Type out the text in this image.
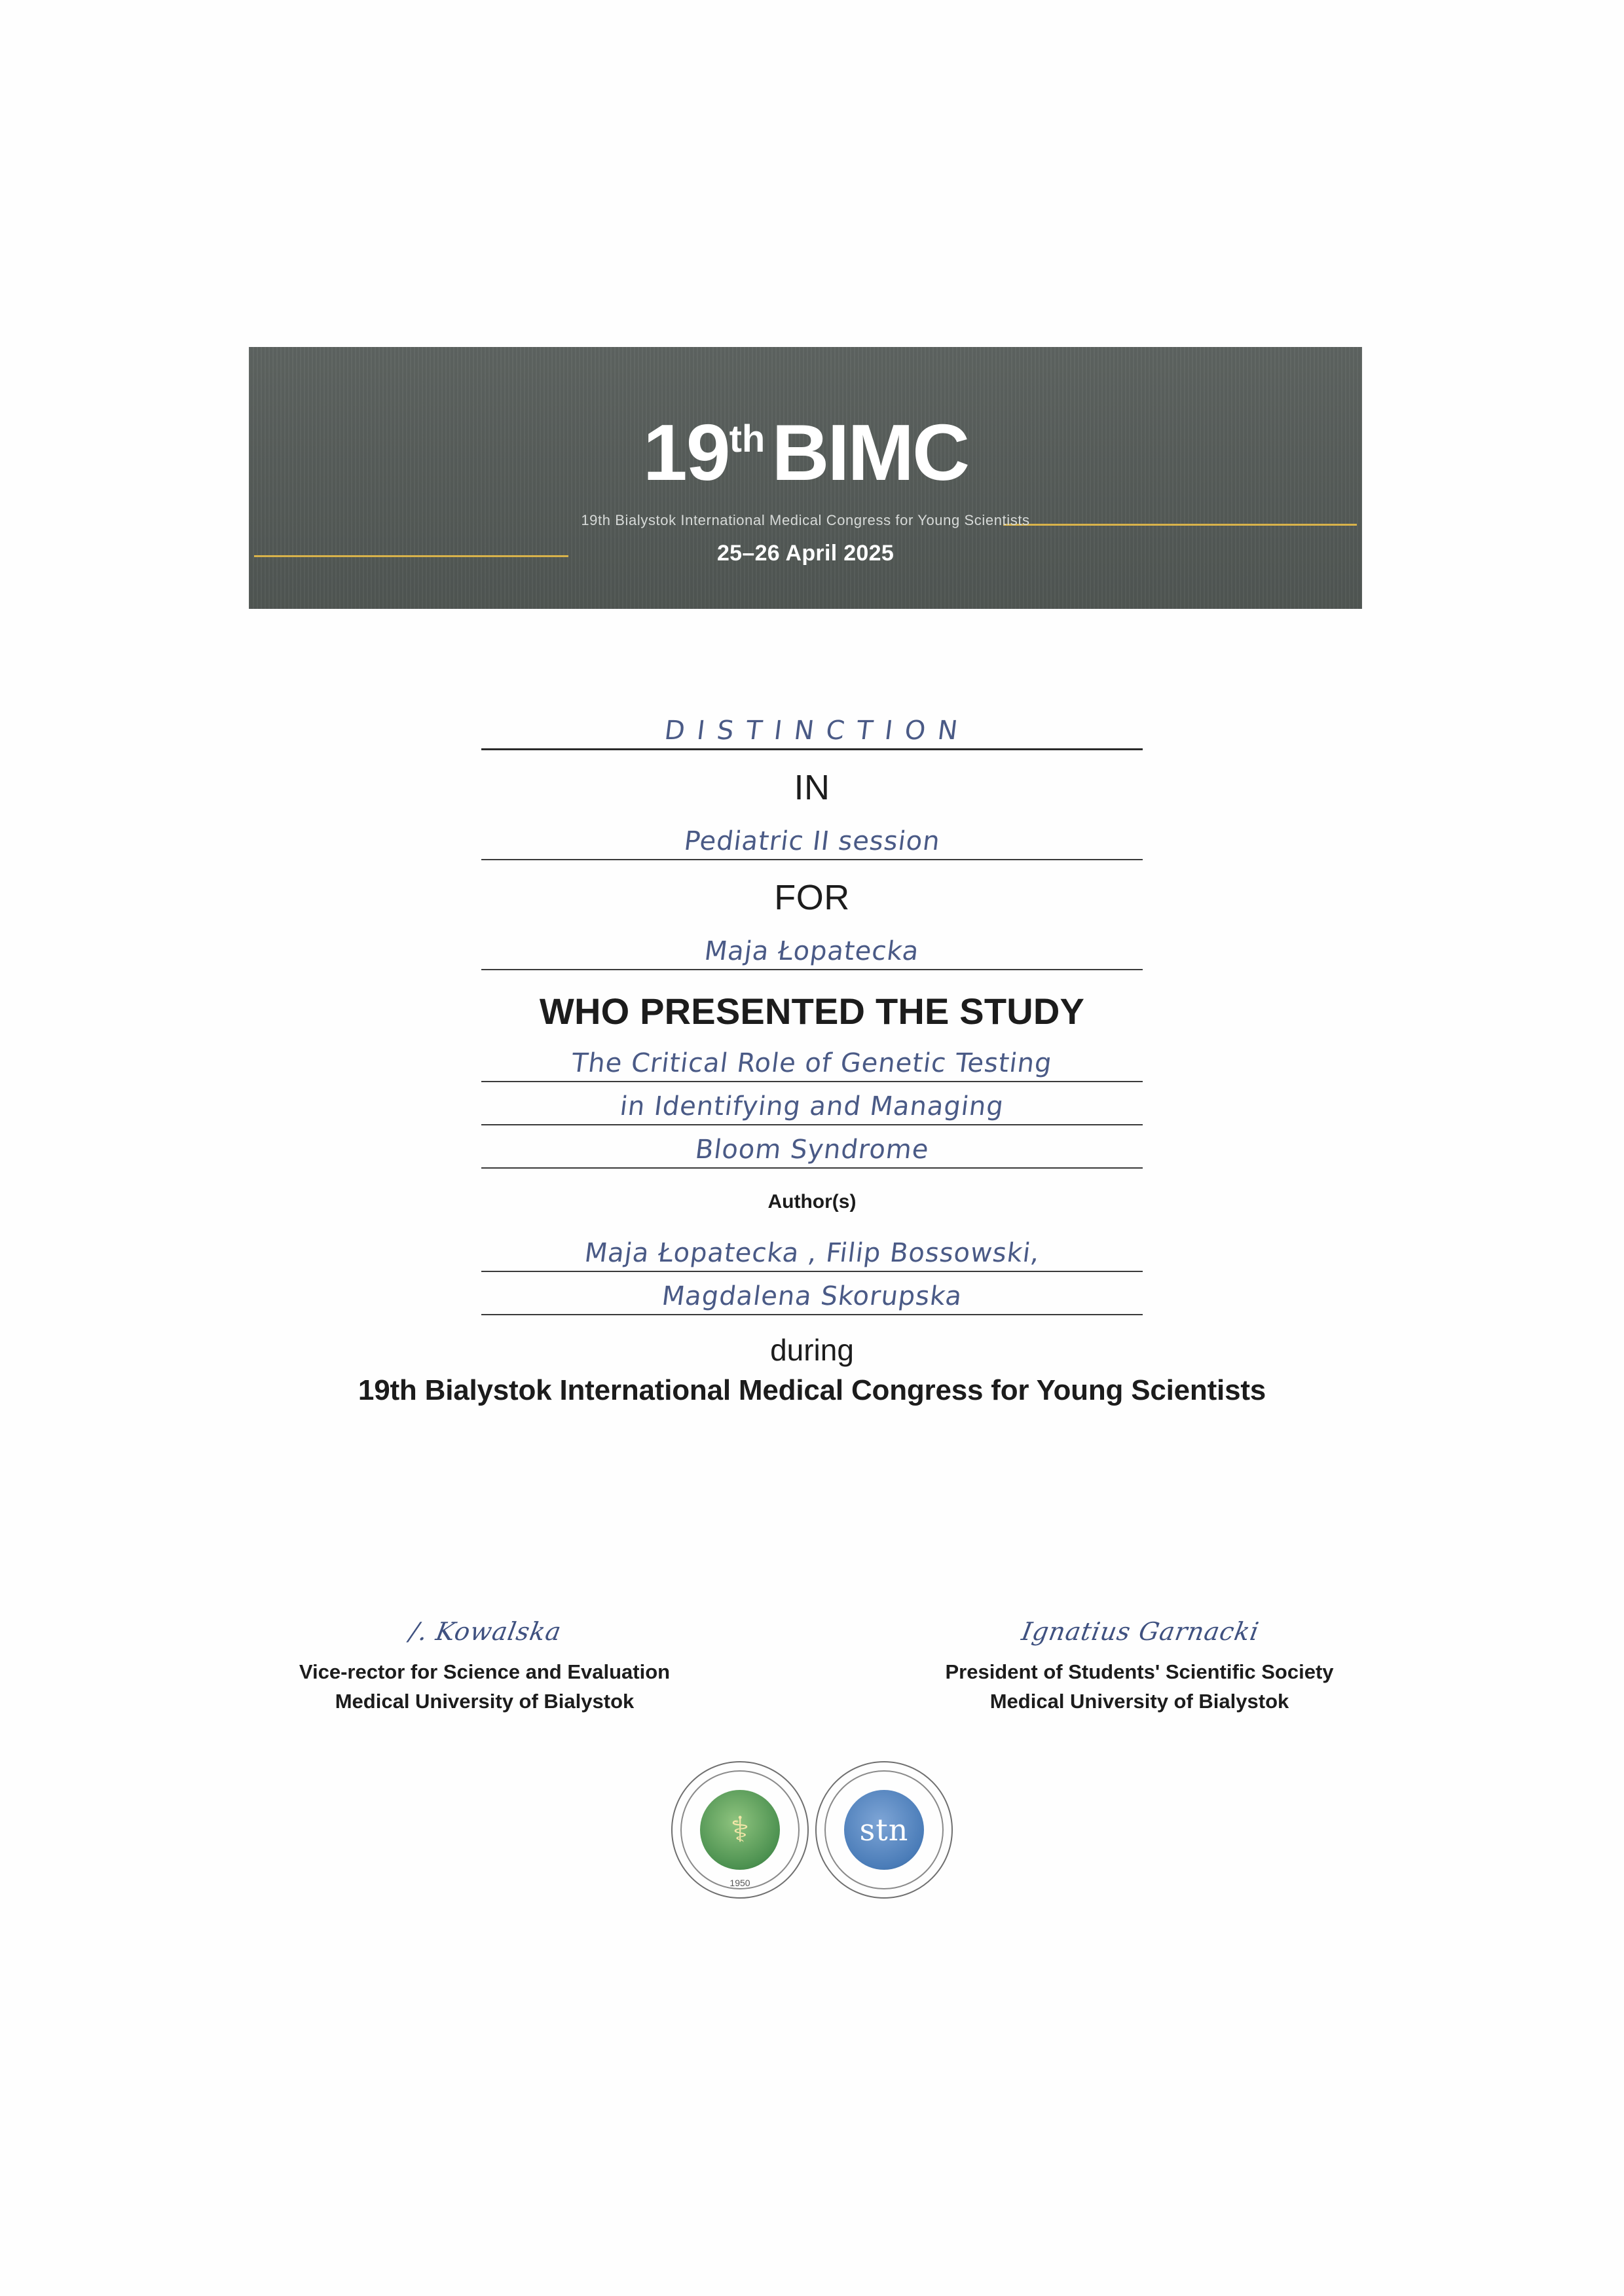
19thBIMC
19th Bialystok International Medical Congress for Young Scientists
25–26 April 2025
D I S T I N C T I O N
IN
Pediatric II session
FOR
Maja Łopatecka
WHO PRESENTED THE STUDY
The Critical Role of Genetic Testing
in Identifying and Managing
Bloom Syndrome
Author(s)
Maja Łopatecka , Filip Bossowski,
Magdalena Skorupska
during
19th Bialystok International Medical Congress for Young Scientists
/. Kowalska
Vice-rector for Science and Evaluation
Medical University of Bialystok
Ignatius Garnacki
President of Students' Scientific Society
Medical University of Bialystok
⚕
1950
stn
